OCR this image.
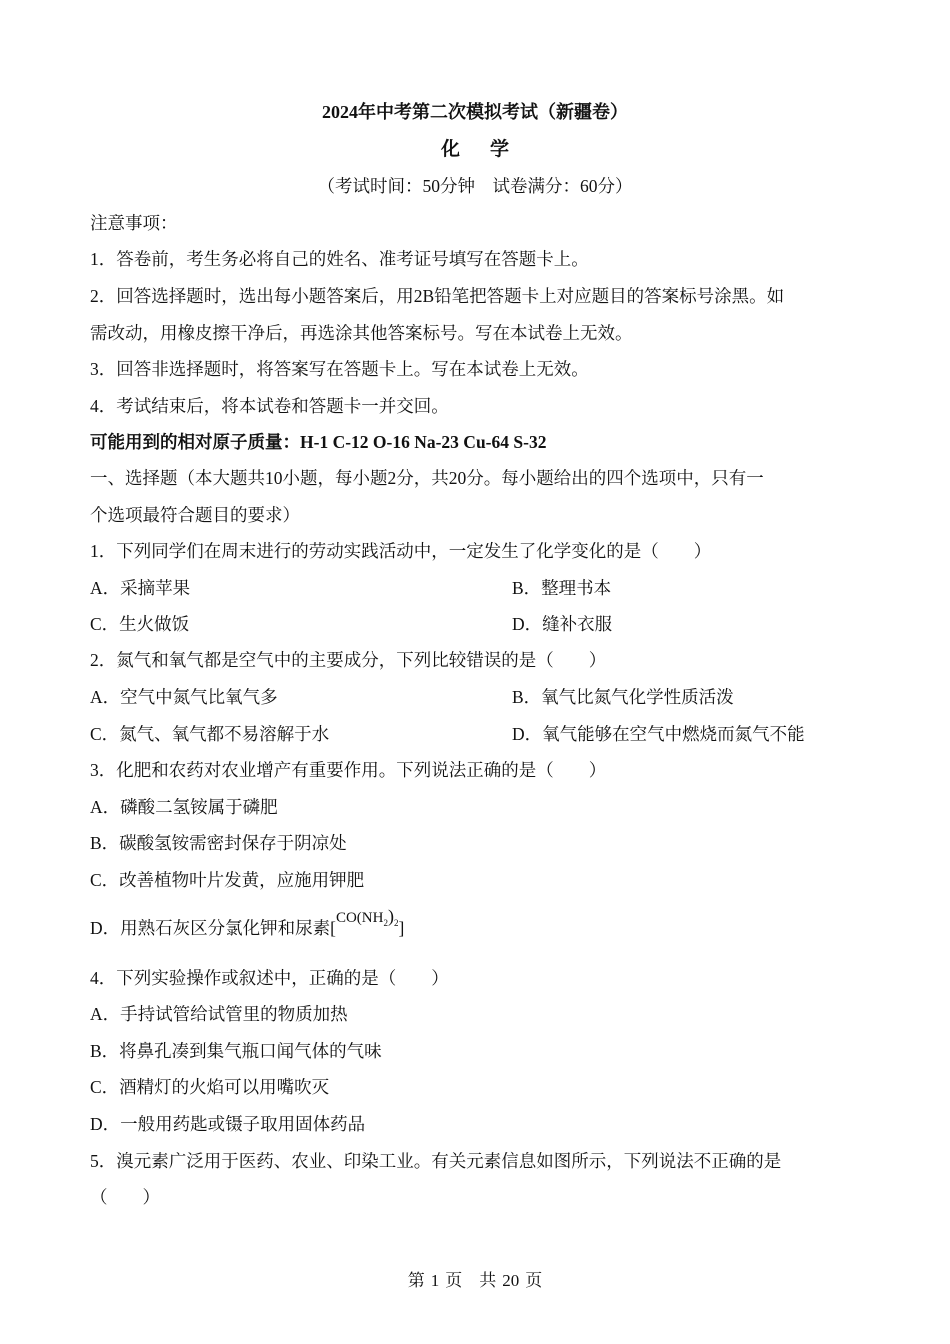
2024年中考第二次模拟考试（新疆卷）
化学
（考试时间：50分钟　试卷满分：60分）
注意事项：
1．答卷前，考生务必将自己的姓名、准考证号填写在答题卡上。
2．回答选择题时，选出每小题答案后，用2B铅笔把答题卡上对应题目的答案标号涂黑。如
需改动，用橡皮擦干净后，再选涂其他答案标号。写在本试卷上无效。
3．回答非选择题时，将答案写在答题卡上。写在本试卷上无效。
4．考试结束后，将本试卷和答题卡一并交回。
可能用到的相对原子质量：H-1 C-12 O-16 Na-23 Cu-64 S-32
一、选择题（本大题共10小题，每小题2分，共20分。每小题给出的四个选项中，只有一
个选项最符合题目的要求）
1．下列同学们在周末进行的劳动实践活动中，一定发生了化学变化的是（　　）
A．采摘苹果	B．整理书本
C．生火做饭	D．缝补衣服
2．氮气和氧气都是空气中的主要成分，下列比较错误的是（　　）
A．空气中氮气比氧气多	B．氧气比氮气化学性质活泼
C．氮气、氧气都不易溶解于水	D．氧气能够在空气中燃烧而氮气不能
3．化肥和农药对农业增产有重要作用。下列说法正确的是（　　）
A．磷酸二氢铵属于磷肥
B．碳酸氢铵需密封保存于阴凉处
C．改善植物叶片发黄，应施用钾肥
D．用熟石灰区分氯化钾和尿素$[CO(NH_2)_2]$
4．下列实验操作或叙述中，正确的是（　　）
A．手持试管给试管里的物质加热
B．将鼻孔凑到集气瓶口闻气体的气味
C．酒精灯的火焰可以用嘴吹灭
D．一般用药匙或镊子取用固体药品
5．溴元素广泛用于医药、农业、印染工业。有关元素信息如图所示，下列说法不正确的是
（　　）
第 1 页　共 20 页
